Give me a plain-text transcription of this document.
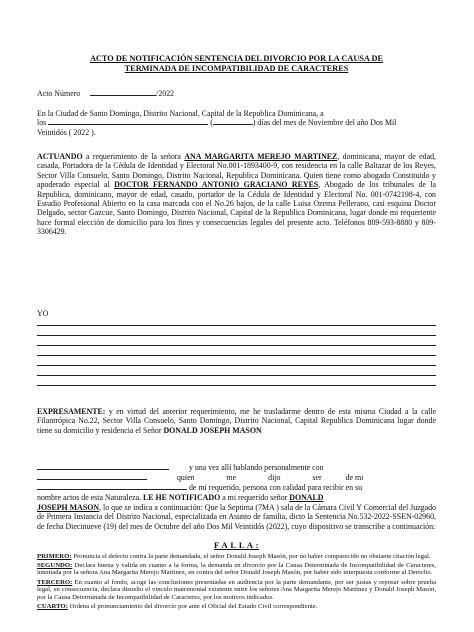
ACTO DE NOTIFICACIÓN SENTENCIA DEL DIVORCIO POR LA CAUSA DE
TERMINADA DE INCOMPATIBILIDAD DE CARACTERES
Acto Número	/2022
En la Ciudad de Santo Domingo, Distrito Nacional, Capital de la Republica Dominicana, a
los	(	) días del mes de Noviembre del año Dos Mil
Veintidós ( 2022 ).
ACTUANDO a requerimiento de la señora ANA MARGARITA MEREJO MARTINEZ, dominicana, mayor de edad, casada, Portadora de la Cédula de Identidad y Electoral No.001-1893400-9, con residencia en la calle Baltazar de los Reyes, Sector Villa Consuelo, Santo Domingo, Distrito Nacional, Republica Dominicana. Quien tiene como abogado Constituido y apoderado especial al DOCTOR FERNANDO ANTONIO GRACIANO REYES, Abogado de los tribunales de la Republica, dominicano, mayor de edad, casado, portador de la Cédula de Identidad y Electoral No. 001-0742198-4, con Estudio Profesional Abierto en la casa marcada con el No.26 bajos, de la calle Luisa Ozema Pellerano, casi esquina Doctor Delgado, sector Gazcue, Santo Domingo, Distrito Nacional, Capital de la Republica Dominicana, lugar donde mi requeriente hace formal elección de domicilio para los fines y consecuencias legales del presente acto. Teléfonos 809-593-8880 y 809-3306429.
YO
EXPRESAMENTE: y en virtud del anterior requerimiento, me he trasladarme dentro de esta misma Ciudad a la calle Filantrópica No.22, Sector Villa Consuelo, Santo Domingo, Distrito Nacional, Capital Republica Dominicana lugar donde tiene su domicilio y residencia el Señor DONALD JOSEPH MASON
y una vez allí hablando personalmente con
quien	me	dijo	ser	de mi
de mi requerido, persona con calidad para recibir en su
nombre actos de esta Naturaleza. LE HE NOTIFICADO a mi requerido señor DONALD
JOSEPH MASON, lo que se indica a continuación: Que la Septima (7MA ) sala de la Cámara Civil Y Comercial del Juzgado de Primera Instancia del Distrito Nacional, especializada en Asunto de familia, dicto la Sentencia No.532-2022-SSEN-02960, de fecha Diecinueve (19) del mes de Octubre del año Dos Mil Veintidós (2022), cuyo dispositivo se transcribe a continuación:
F A L L A :
PRIMERO: Pronuncia el defecto contra la parte demandada, el señor Donald Joseph Masón, por no haber comparecido no obstante citación legal.
SEGUNDO: Declara buena y valida en cuanto a la forma, la demanda en divorcio por la Causa Determinada de Incompatibilidad de Caracteres, intentada por la señora Ana Margarita Merejo Martinez, en contra del señor Donald Joseph Masón, por haber sido interpuesta conforme al Derecho.
TERCERO: En cuanto al fondo, acoge las conclusiones presentadas en audiencia por la parte demandante, por ser justas y reposar sobre prueba legal, en consecuencia, declara disuelto el vinculo matrimonial existente entre los señores Ana Margarita Merejo Martinez y Donald Joseph Masón, por la Causa Determinada de Incompatibilidad de Caracteres, por los motivos indicados.
CUARTO: Ordena el pronunciamiento del divorcio por ante el Oficial del Estado Civil correspondiente.
